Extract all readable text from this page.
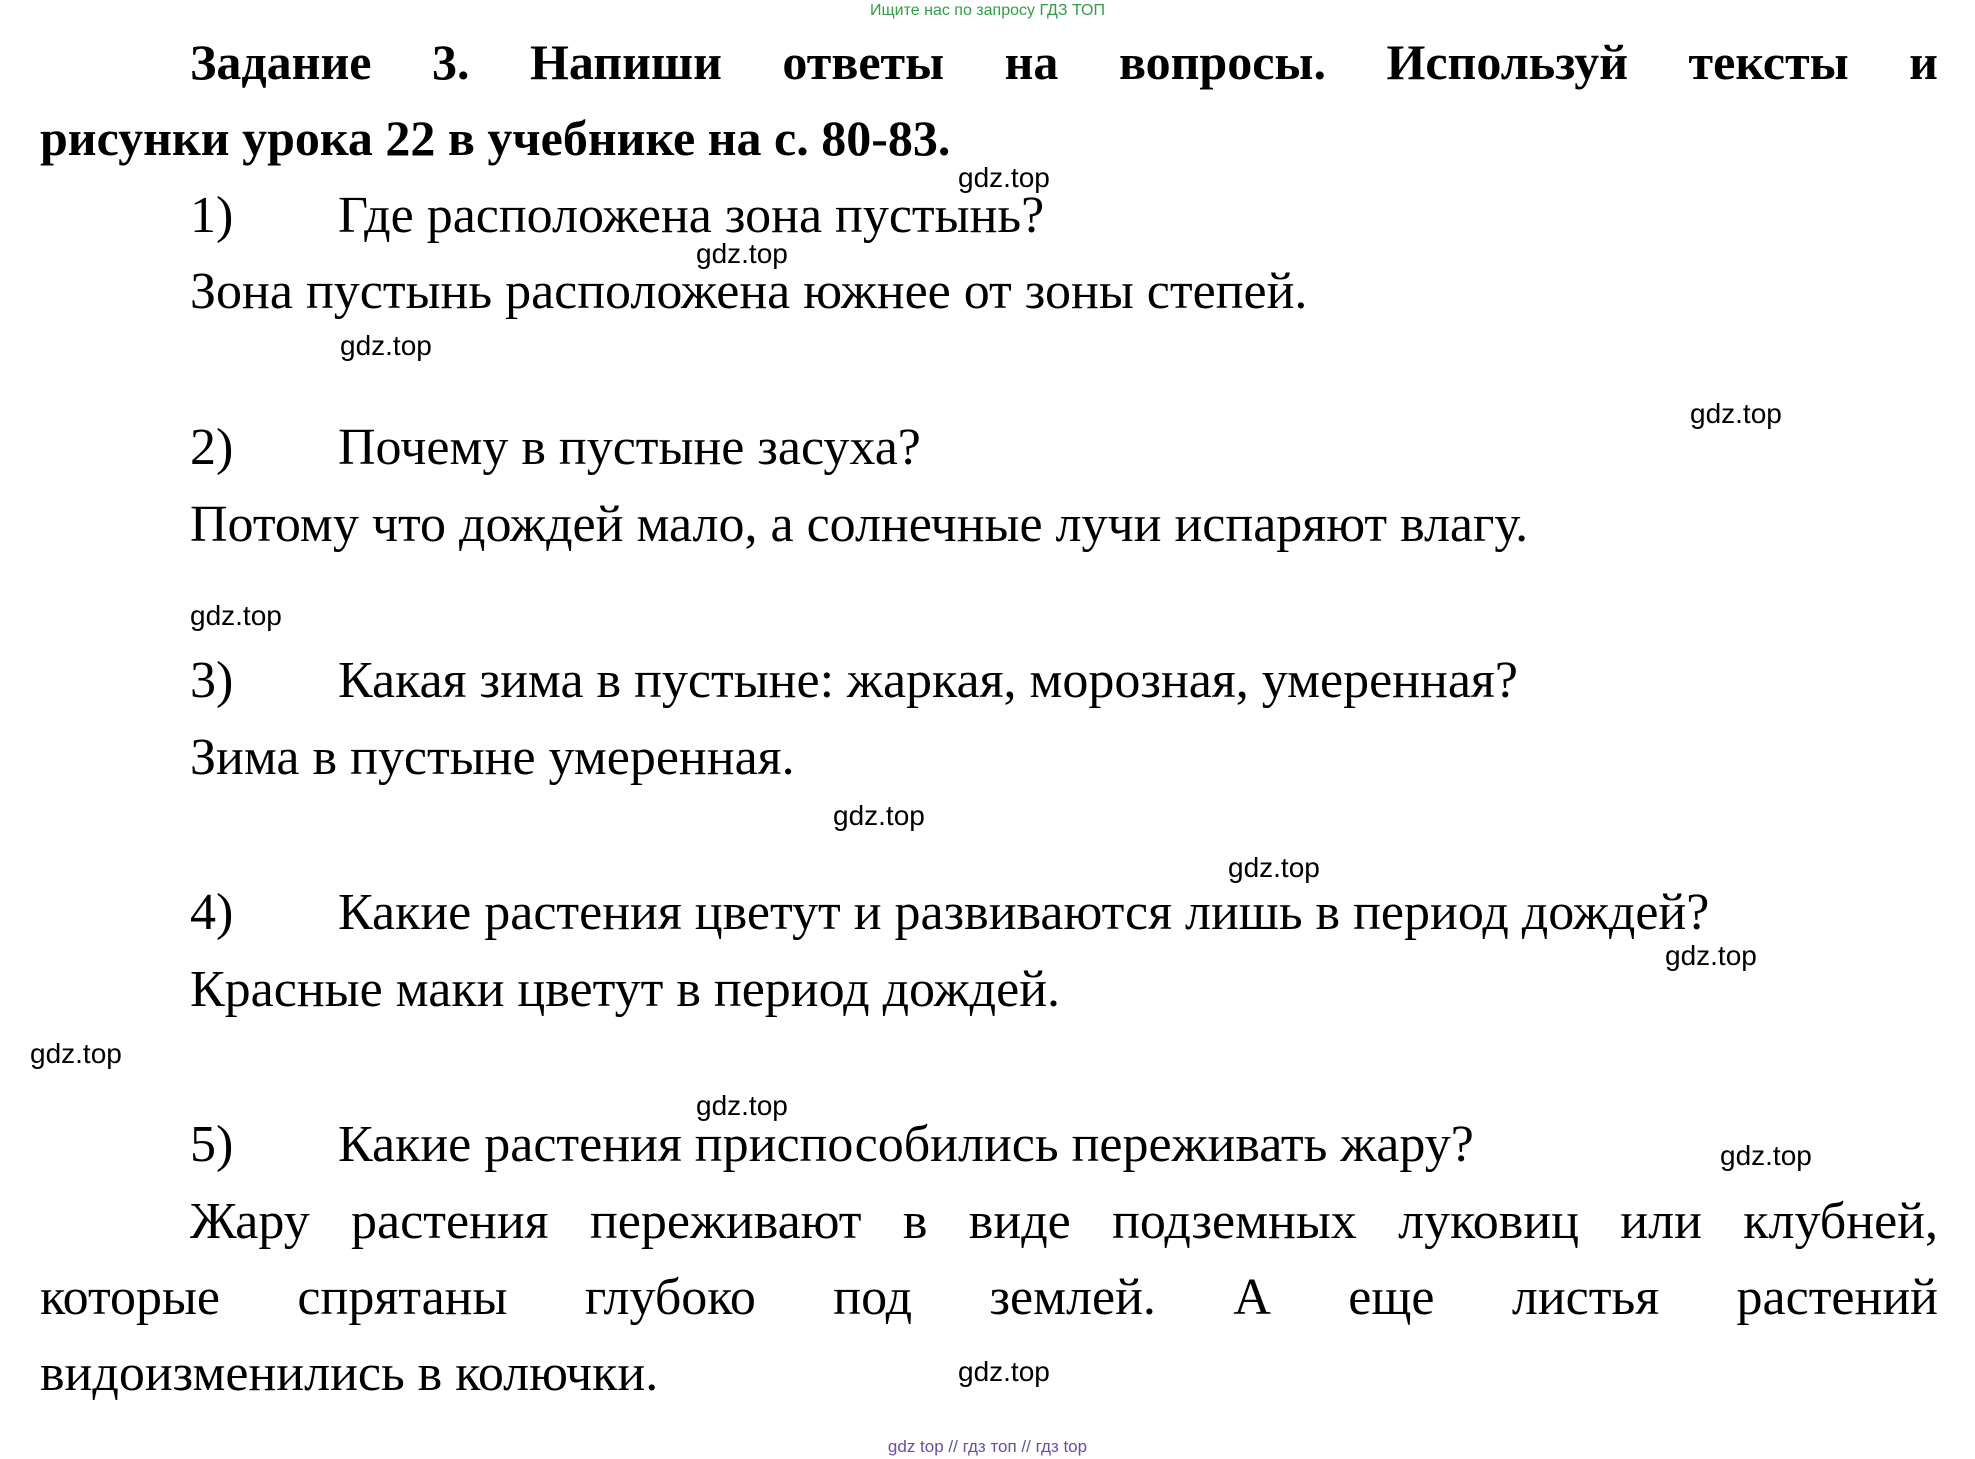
Ищите нас по запросу ГДЗ ТОП
Задание 3. Напиши ответы на вопросы. Используй тексты и
рисунки урока 22 в учебнике на с. 80-83.
1) Где расположена зона пустынь?
Зона пустынь расположена южнее от зоны степей.
2) Почему в пустыне засуха?
Потому что дождей мало, а солнечные лучи испаряют влагу.
3) Какая зима в пустыне: жаркая, морозная, умеренная?
Зима в пустыне умеренная.
4) Какие растения цветут и развиваются лишь в период дождей?
Красные маки цветут в период дождей.
5) Какие растения приспособились переживать жару?
Жару растения переживают в виде подземных луковиц или клубней,
которые спрятаны глубоко под землей. А еще листья растений
видоизменились в колючки.
gdz.top
gdz.top
gdz.top
gdz.top
gdz.top
gdz.top
gdz.top
gdz.top
gdz.top
gdz.top
gdz.top
gdz.top
gdz top // гдз топ // гдз top
